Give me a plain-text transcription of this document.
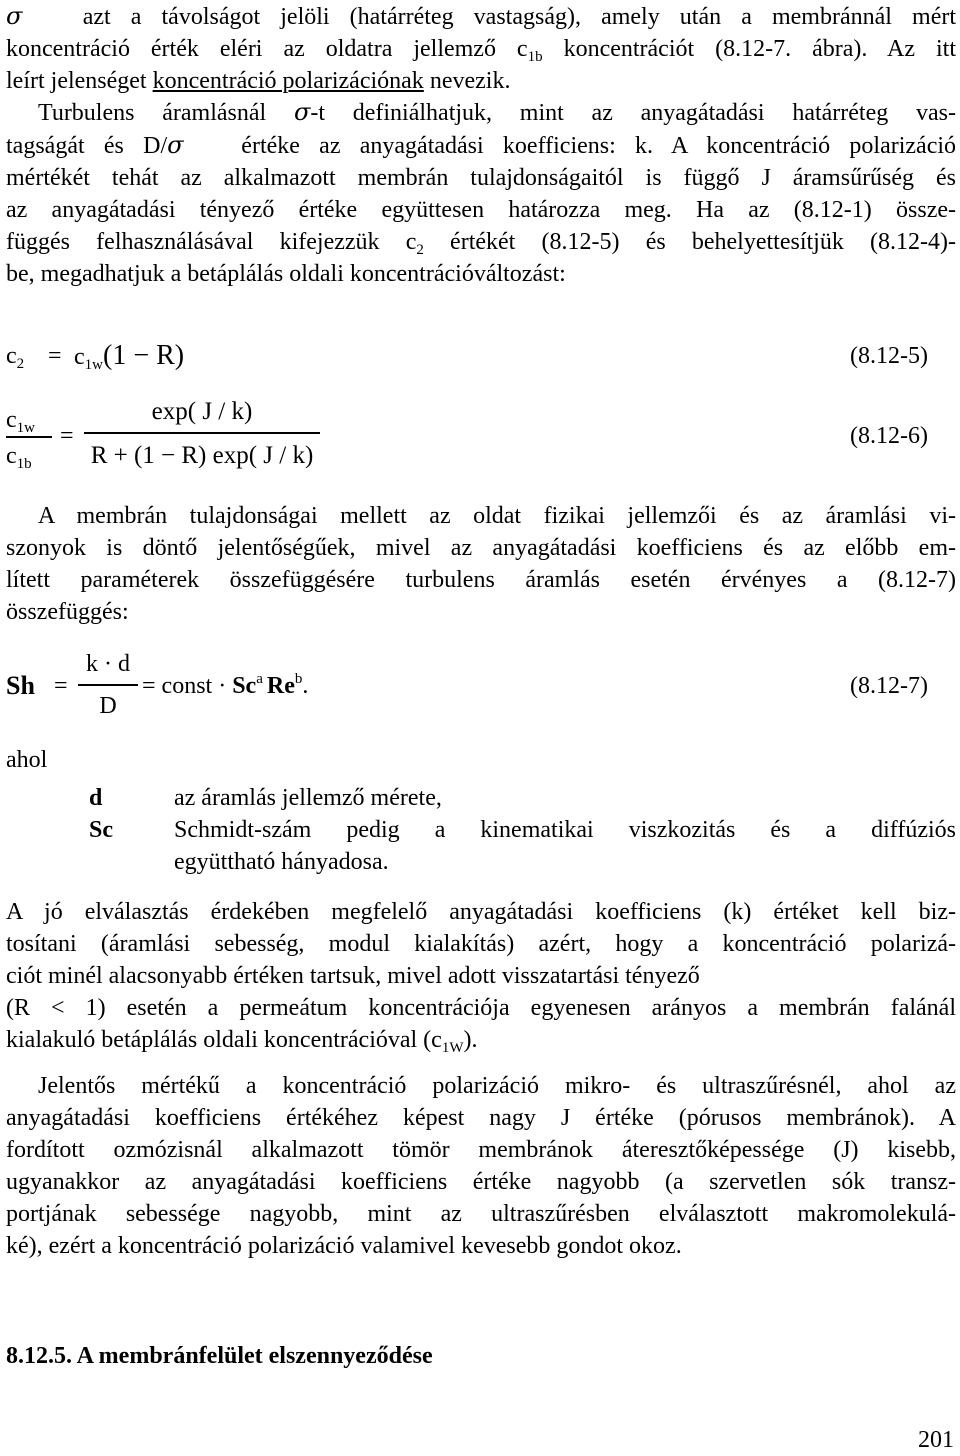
σ	azt a távolságot jelöli (határréteg vastagság), amely után a membránnál mért
koncentráció érték eléri az oldatra jellemző $c_{1b}$ koncentrációt (8.12-7. ábra). Az itt
leírt jelenséget koncentráció polarizációnak nevezik.
Turbulens áramlásnál σ-t definiálhatjuk, mint az anyagátadási határréteg vas-
tagságát és D/σ   értéke az anyagátadási koefficiens: k. A koncentráció polarizáció
mértékét tehát az alkalmazott membrán tulajdonságaitól is függő J áramsűrűség és
az anyagátadási tényező értéke együttesen határozza meg. Ha az (8.12-1) össze-
függés felhasználásával kifejezzük $c_2$ értékét (8.12-5) és behelyettesítjük (8.12-4)-
be, megadhatjuk a betáplálás oldali koncentrációváltozást:
$c_2 = c_{1w}(1 - R)$	(8.12-5)
$c_{1w}$
$c_{1b}$
=
exp( J / k)
R + (1 − R) exp( J / k)
(8.12-6)
A membrán tulajdonságai mellett az oldat fizikai jellemzői és az áramlási vi-
szonyok is döntő jelentőségűek, mivel az anyagátadási koefficiens és az előbb em-
lített paraméterek összefüggésére turbulens áramlás esetén érvényes a (8.12-7)
összefüggés:
Sh =
k · d
D
= const · $Sc^a$ Re$^b$.	(8.12-7)
ahol
d	az áramlás jellemző mérete,
Sc	Schmidt-szám pedig a kinematikai viszkozitás és a diffúziós
együttható hányadosa.
A jó elválasztás érdekében megfelelő anyagátadási koefficiens (k) értéket kell biz-
tosítani (áramlási sebesség, modul kialakítás) azért, hogy a koncentráció polarizá-
ciót minél alacsonyabb értéken tartsuk, mivel adott visszatartási tényező
(R < 1) esetén a permeátum koncentrációja egyenesen arányos a membrán falánál
kialakuló betáplálás oldali koncentrációval $(c_{1W})$.
Jelentős mértékű a koncentráció polarizáció mikro- és ultraszűrésnél, ahol az
anyagátadási koefficiens értékéhez képest nagy J értéke (pórusos membránok). A
fordított ozmózisnál alkalmazott tömör membránok áteresztőképessége (J) kisebb,
ugyanakkor az anyagátadási koefficiens értéke nagyobb (a szervetlen sók transz-
portjának sebessége nagyobb, mint az ultraszűrésben elválasztott makromolekulá-
ké), ezért a koncentráció polarizáció valamivel kevesebb gondot okoz.
8.12.5. A membránfelület elszennyeződése
201
